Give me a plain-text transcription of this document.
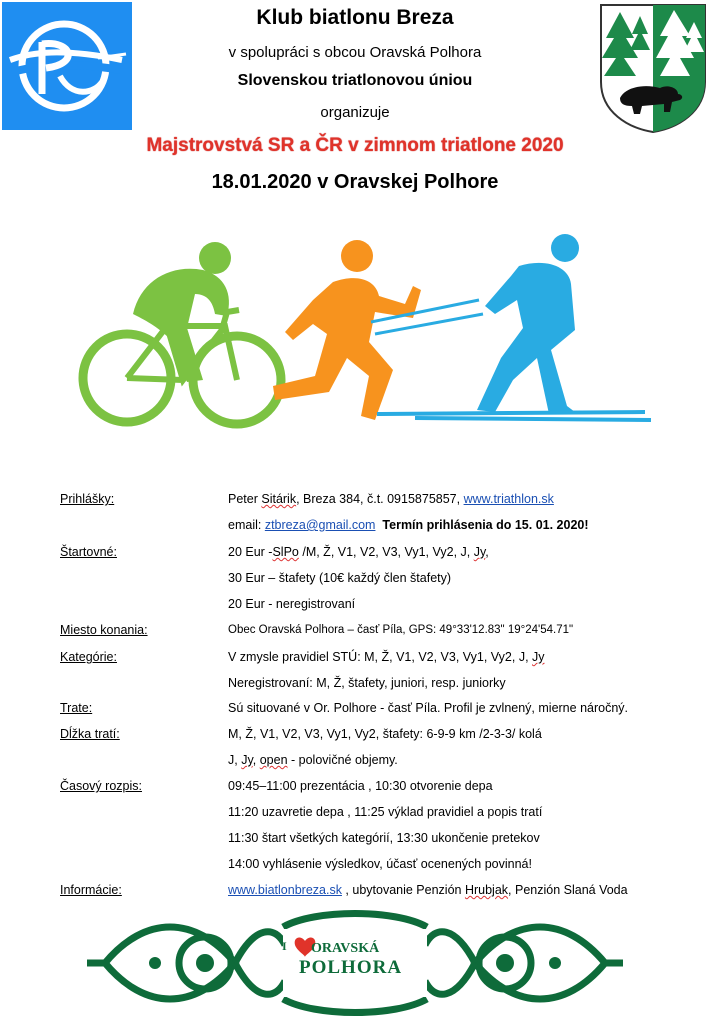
Klub biatlonu Breza
v spolupráci s obcou Oravská Polhora
Slovenskou triatlonovou úniou
organizuje
Majstrovstvá SR a ČR v zimnom triatlone 2020
18.01.2020 v Oravskej Polhore
Prihlášky:	Peter Sitárik, Breza 384, č.t. 0915875857, www.triathlon.sk
email: ztbreza@gmail.com Termín prihlásenia do 15. 01. 2020!
Štartovné:	20 Eur -SlPo /M, Ž, V1, V2, V3, Vy1, Vy2, J, Jy,
30 Eur – štafety (10€ každý člen štafety)
20 Eur - neregistrovaní
Miesto konania:	Obec Oravská Polhora – časť Píla, GPS: 49°33'12.83" 19°24'54.71"
Kategórie:	V zmysle pravidiel STÚ: M, Ž, V1, V2, V3, Vy1, Vy2, J, Jy
Neregistrovaní: M, Ž, štafety, juniori, resp. juniorky
Trate:	Sú situované v Or. Polhore - časť Píla. Profil je zvlnený, mierne náročný.
Dĺžka tratí:	M, Ž, V1, V2, V3, Vy1, Vy2, štafety: 6-9-9 km /2-3-3/ kolá
J, Jy, open - polovičné objemy.
Časový rozpis:	09:45–11:00 prezentácia , 10:30 otvorenie depa
11:20 uzavretie depa , 11:25 výklad pravidiel a popis tratí
11:30 štart všetkých kategórií, 13:30 ukončenie pretekov
14:00 vyhlásenie výsledkov, účasť ocenených povinná!
Informácie:	www.biatlonbreza.sk , ubytovanie Penzión Hrubjak, Penzión Slaná Voda
I ORAVSKÁ
POLHORA
